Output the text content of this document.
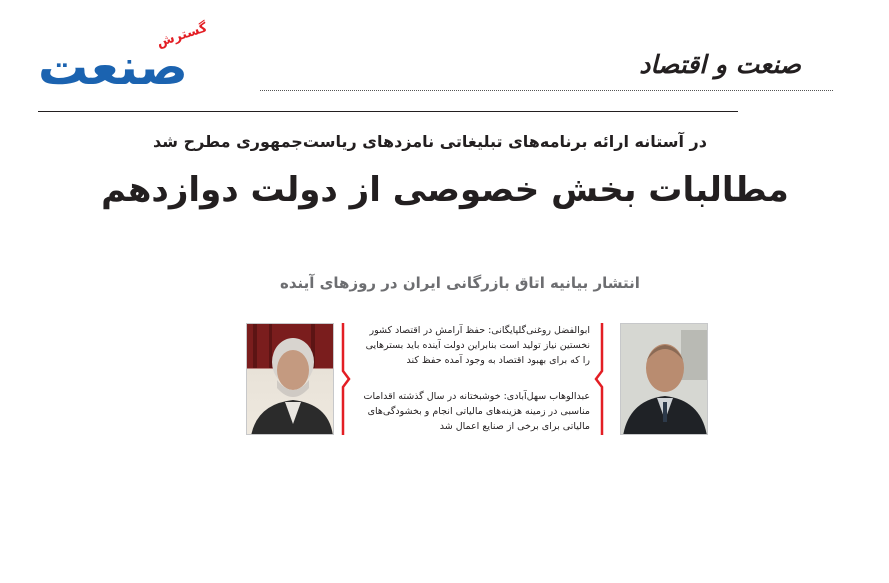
صنعت
گسترش
صنعت و اقتصاد
در آستانه ارائه برنامه‌های تبلیغاتی نامزدهای ریاست‌جمهوری مطرح شد
مطالبات بخش خصوصی از دولت دوازدهم
انتشار بیانیه اتاق بازرگانی ایران در روزهای آینده
ابوالفضل روغنی‌گلپایگانی: حفظ آرامش در اقتصاد کشور نخستین نیاز تولید است بنابراین دولت آینده باید بسترهایی را که برای بهبود اقتصاد به وجود آمده حفظ کند
عبدالوهاب سهل‌آبادی: خوشبختانه در سال گذشته اقدامات مناسبی در زمینه هزینه‌های مالیاتی انجام و بخشودگی‌های مالیاتی برای برخی از صنایع اعمال شد
